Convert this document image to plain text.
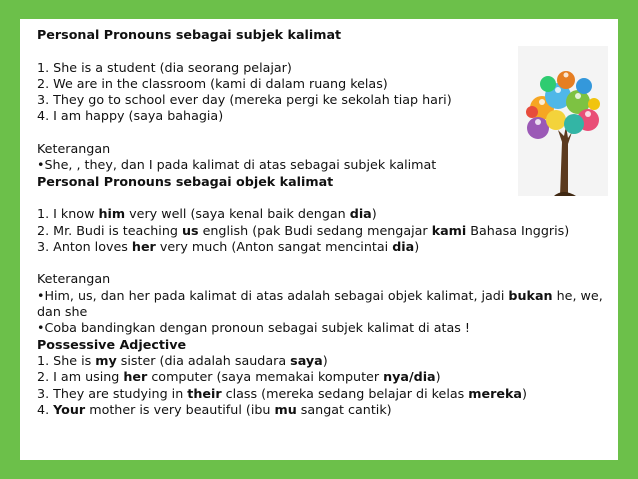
Personal Pronouns sebagai subjek kalimat
1. She is a student (dia seorang pelajar)
2. We are in the classroom (kami di dalam ruang kelas)
3. They go to school ever day (mereka pergi ke sekolah tiap hari)
4. I am happy (saya bahagia)
Keterangan
•She, , they, dan I pada kalimat di atas sebagai subjek kalimat
Personal Pronouns sebagai objek kalimat
1. I know him very well (saya kenal baik dengan dia)
2. Mr. Budi is teaching us english (pak Budi sedang mengajar kami Bahasa Inggris)
3. Anton loves her very much (Anton sangat mencintai dia)
Keterangan
•Him, us, dan her pada kalimat di atas adalah sebagai objek kalimat, jadi bukan he, we, dan she
•Coba bandingkan dengan pronoun sebagai subjek kalimat di atas !
Possessive Adjective
1. She is my sister (dia adalah saudara saya)
2. I am using her computer (saya memakai komputer nya/dia)
3. They are studying in their class (mereka sedang belajar di kelas mereka)
4. Your mother is very beautiful (ibu mu sangat cantik)
